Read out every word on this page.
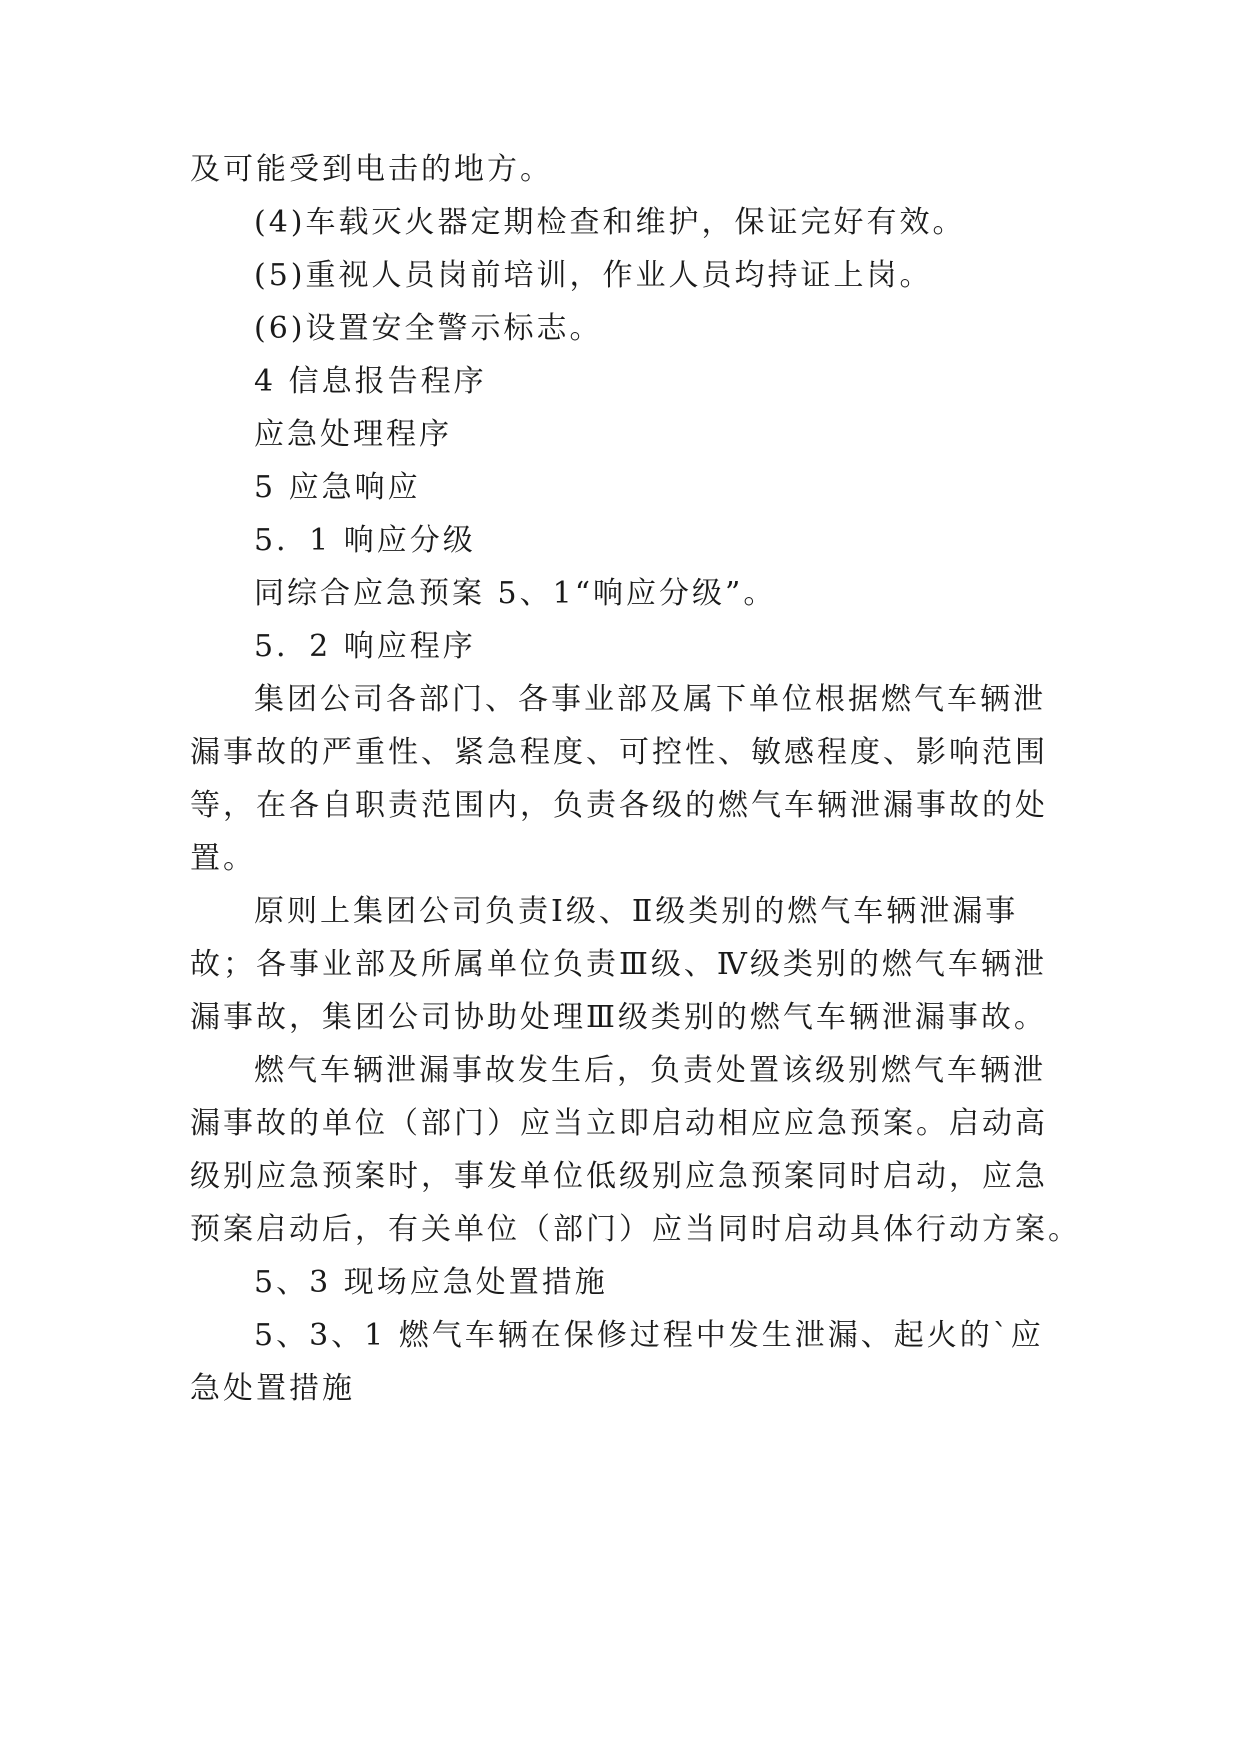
及可能受到电击的地方。
(4)车载灭火器定期检查和维护，保证完好有效。
(5)重视人员岗前培训，作业人员均持证上岗。
(6)设置安全警示标志。
4 信息报告程序
应急处理程序
5 应急响应
5．1 响应分级
同综合应急预案 5、1“响应分级”。
5．2 响应程序
集团公司各部门、各事业部及属下单位根据燃气车辆泄
漏事故的严重性、紧急程度、可控性、敏感程度、影响范围
等，在各自职责范围内，负责各级的燃气车辆泄漏事故的处
置。
原则上集团公司负责Ⅰ级、Ⅱ级类别的燃气车辆泄漏事
故；各事业部及所属单位负责Ⅲ级、Ⅳ级类别的燃气车辆泄
漏事故，集团公司协助处理Ⅲ级类别的燃气车辆泄漏事故。
燃气车辆泄漏事故发生后，负责处置该级别燃气车辆泄
漏事故的单位（部门）应当立即启动相应应急预案。启动高
级别应急预案时，事发单位低级别应急预案同时启动，应急
预案启动后，有关单位（部门）应当同时启动具体行动方案。
5、3 现场应急处置措施
5、3、1 燃气车辆在保修过程中发生泄漏、起火的`应
急处置措施
